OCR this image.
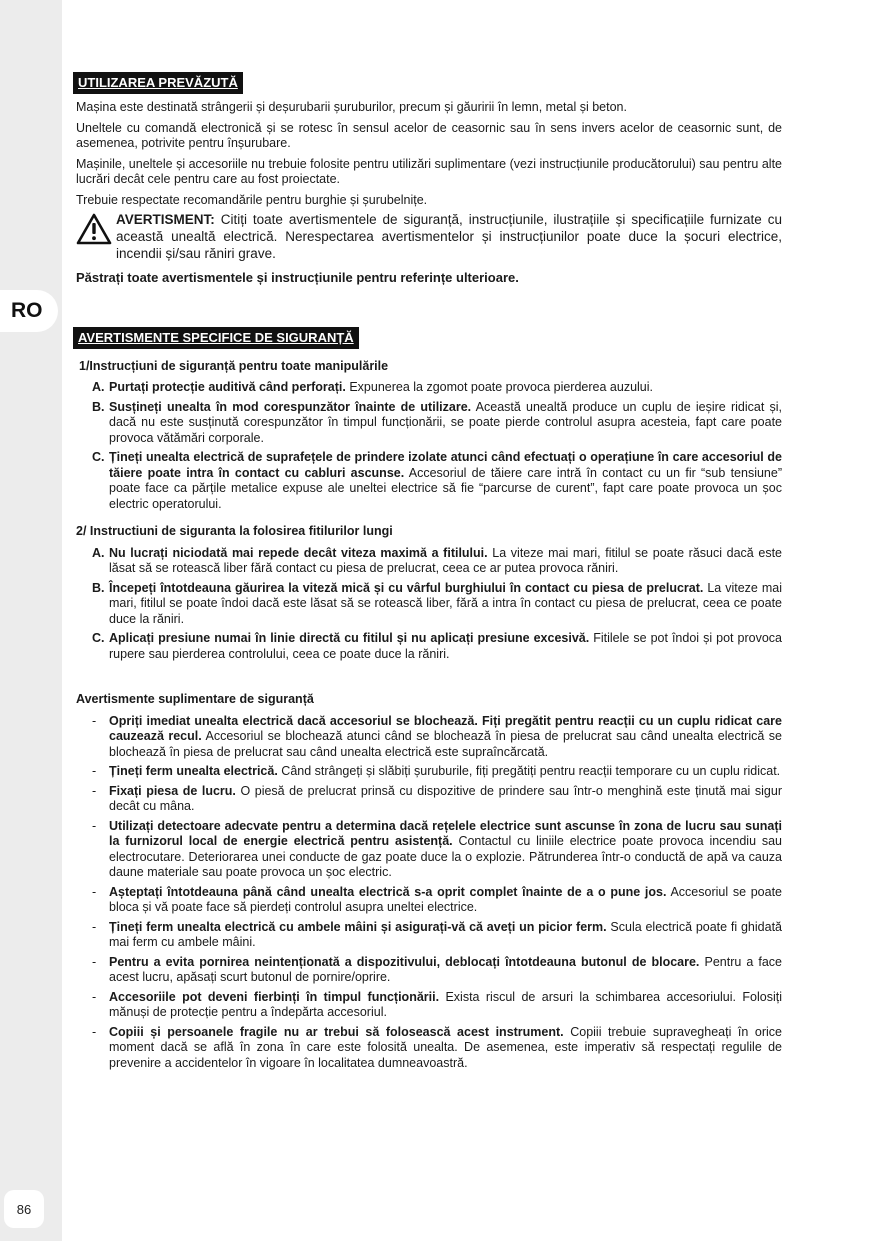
RO
86
UTILIZAREA PREVĂZUTĂ

Mașina este destinată strângerii și deșurubarii șuruburilor, precum și găuririi în lemn, metal și beton.

Uneltele cu comandă electronică și se rotesc în sensul acelor de ceasornic sau în sens invers acelor de ceasornic sunt, de asemenea, potrivite pentru înșurubare.

Mașinile, uneltele și accesoriile nu trebuie folosite pentru utilizări suplimentare (vezi instrucțiunile producătorului) sau pentru alte lucrări decât cele pentru care au fost proiectate.

Trebuie respectate recomandările pentru burghie și șurubelnițe.

AVERTISMENT: Citiți toate avertismentele de siguranță, instrucțiunile, ilustrațiile și specificațiile furnizate cu această unealtă electrică. Nerespectarea avertismentelor și instrucțiunilor poate duce la șocuri electrice, incendii și/sau răniri grave.

Păstrați toate avertismentele și instrucțiunile pentru referințe ulterioare.

AVERTISMENTE SPECIFICE DE SIGURANȚĂ
1/Instrucțiuni de siguranță pentru toate manipulările
A. Purtați protecție auditivă când perforați. Expunerea la zgomot poate provoca pierderea auzului.
B. Susțineți unealta în mod corespunzător înainte de utilizare. Această unealtă produce un cuplu de ieșire ridicat și, dacă nu este susținută corespunzător în timpul funcționării, se poate pierde controlul asupra acesteia, fapt care poate provoca vătămări corporale.
C. Țineți unealta electrică de suprafețele de prindere izolate atunci când efectuați o operațiune în care accesoriul de tăiere poate intra în contact cu cabluri ascunse. Accesoriul de tăiere care intră în contact cu un fir “sub tensiune” poate face ca părțile metalice expuse ale uneltei electrice să fie “parcurse de curent”, fapt care poate provoca un șoc electric operatorului.
2/ Instructiuni de siguranta la folosirea fitilurilor lungi
A. Nu lucrați niciodată mai repede decât viteza maximă a fitilului. La viteze mai mari, fitilul se poate răsuci dacă este lăsat să se rotească liber fără contact cu piesa de prelucrat, ceea ce ar putea provoca răniri.
B. Începeți întotdeauna găurirea la viteză mică și cu vârful burghiului în contact cu piesa de prelucrat. La viteze mai mari, fitilul se poate îndoi dacă este lăsat să se rotească liber, fără a intra în contact cu piesa de prelucrat, ceea ce poate duce la răniri.
C. Aplicați presiune numai în linie directă cu fitilul și nu aplicați presiune excesivă. Fitilele se pot îndoi și pot provoca rupere sau pierderea controlului, ceea ce poate duce la răniri.
Avertismente suplimentare de siguranță
-	Opriți imediat unealta electrică dacă accesoriul se blochează. Fiți pregătit pentru reacții cu un cuplu ridicat care cauzează recul. Accesoriul se blochează atunci când se blochează în piesa de prelucrat sau când unealta electrică se blochează în piesa de prelucrat sau când unealta electrică este supraîncărcată.
-	Țineți ferm unealta electrică. Când strângeți și slăbiți șuruburile, fiți pregătiți pentru reacții temporare cu un cuplu ridicat.
-	Fixați piesa de lucru. O piesă de prelucrat prinsă cu dispozitive de prindere sau într-o menghină este ținută mai sigur decât cu mâna.
-	Utilizați detectoare adecvate pentru a determina dacă rețelele electrice sunt ascunse în zona de lucru sau sunați la furnizorul local de energie electrică pentru asistență. Contactul cu liniile electrice poate provoca incendiu sau electrocutare. Deteriorarea unei conducte de gaz poate duce la o explozie. Pătrunderea într-o conductă de apă va cauza daune materiale sau poate provoca un șoc electric.
-	Așteptați întotdeauna până când unealta electrică s-a oprit complet înainte de a o pune jos. Accesoriul se poate bloca și vă poate face să pierdeți controlul asupra uneltei electrice.
-	Țineți ferm unealta electrică cu ambele mâini și asigurați-vă că aveți un picior ferm. Scula electrică poate fi ghidată mai ferm cu ambele mâini.
-	Pentru a evita pornirea neintenționată a dispozitivului, deblocați întotdeauna butonul de blocare. Pentru a face acest lucru, apăsați scurt butonul de pornire/oprire.
-	Accesoriile pot deveni fierbinți în timpul funcționării. Exista riscul de arsuri la schimbarea accesoriului. Folosiți mănuși de protecție pentru a îndepărta accesoriul.
-	Copiii și persoanele fragile nu ar trebui să folosească acest instrument. Copiii trebuie supravegheați în orice moment dacă se află în zona în care este folosită unealta. De asemenea, este imperativ să respectați regulile de prevenire a accidentelor în vigoare în localitatea dumneavoastră.
